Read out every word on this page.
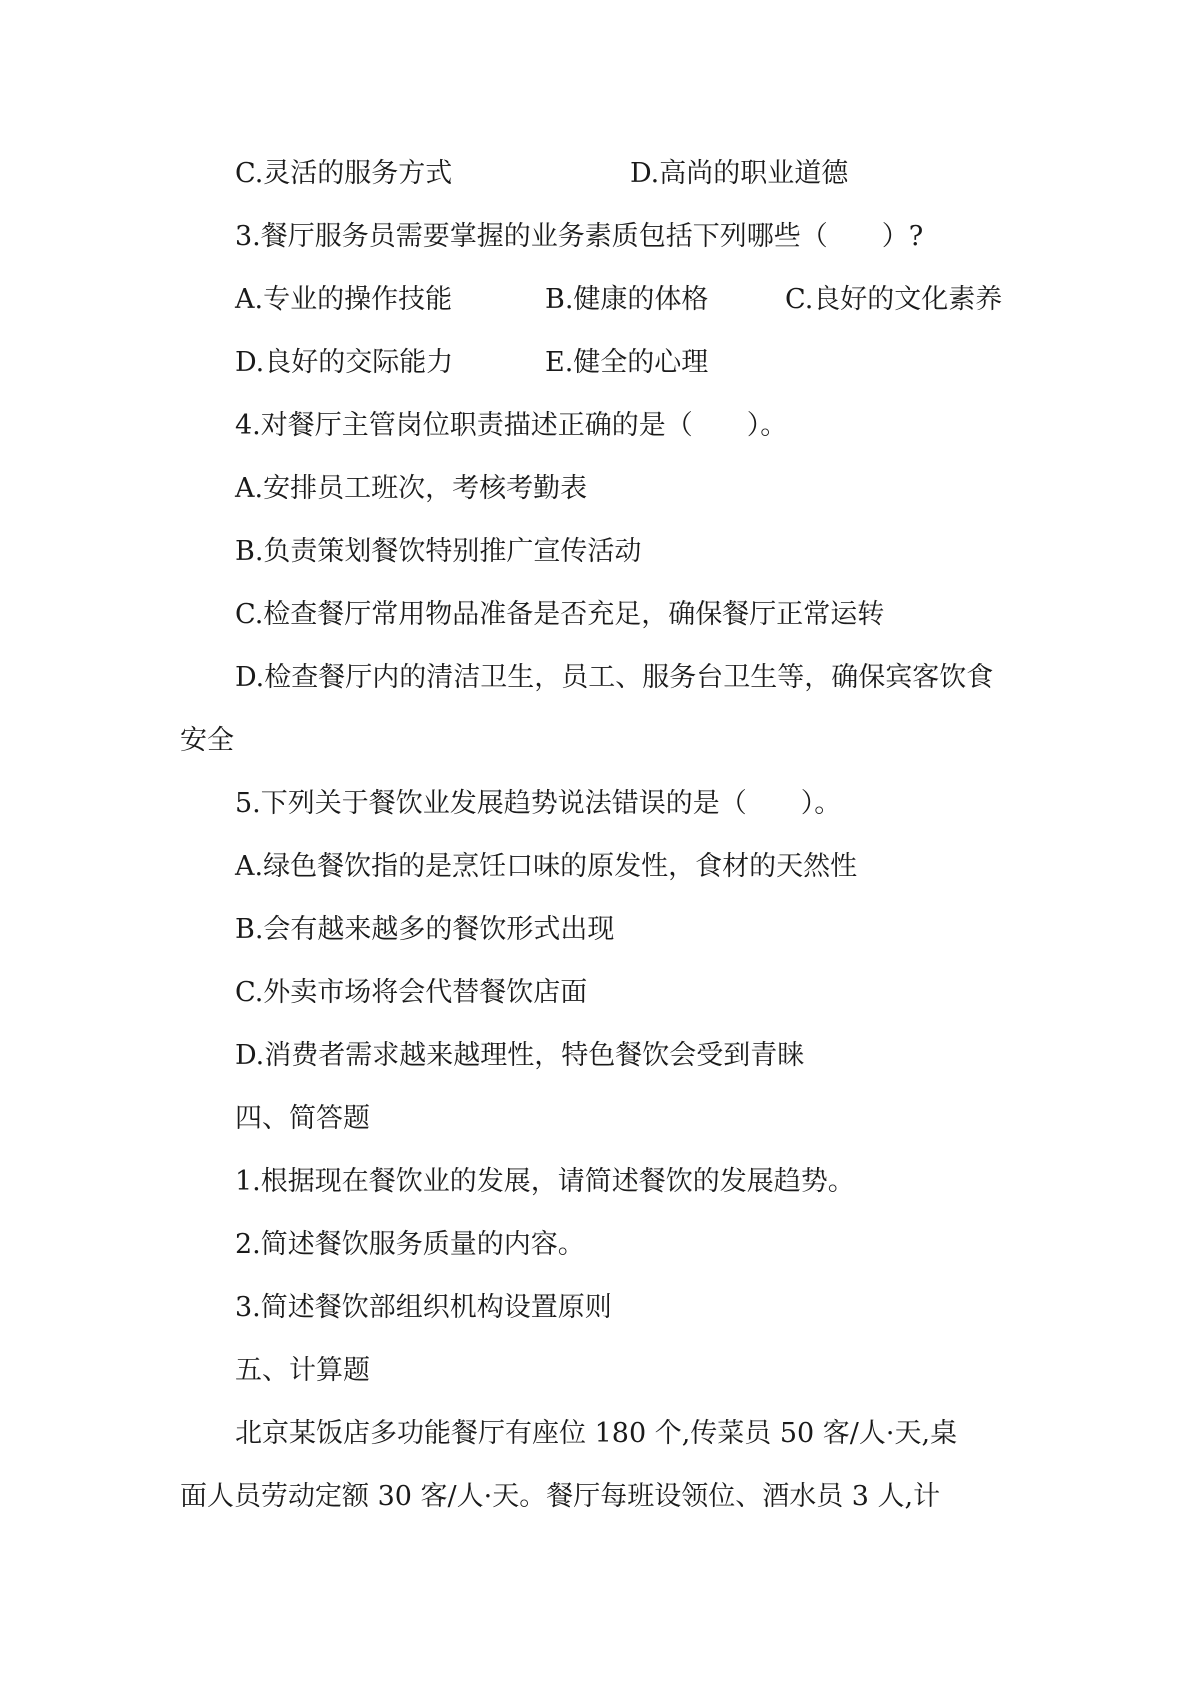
C.灵活的服务方式	D.高尚的职业道德
3.餐厅服务员需要掌握的业务素质包括下列哪些（　　）?
A.专业的操作技能	B.健康的体格	C.良好的文化素养
D.良好的交际能力	E.健全的心理
4.对餐厅主管岗位职责描述正确的是（　　）。
A.安排员工班次，考核考勤表
B.负责策划餐饮特别推广宣传活动
C.检查餐厅常用物品准备是否充足，确保餐厅正常运转
D.检查餐厅内的清洁卫生，员工、服务台卫生等，确保宾客饮食
安全
5.下列关于餐饮业发展趋势说法错误的是（　　）。
A.绿色餐饮指的是烹饪口味的原发性，食材的天然性
B.会有越来越多的餐饮形式出现
C.外卖市场将会代替餐饮店面
D.消费者需求越来越理性，特色餐饮会受到青睐
四、简答题
1.根据现在餐饮业的发展，请简述餐饮的发展趋势。
2.简述餐饮服务质量的内容。
3.简述餐饮部组织机构设置原则
五、计算题
北京某饭店多功能餐厅有座位 180 个,传菜员 50 客/人·天,桌
面人员劳动定额 30 客/人·天。餐厅每班设领位、酒水员 3 人,计
